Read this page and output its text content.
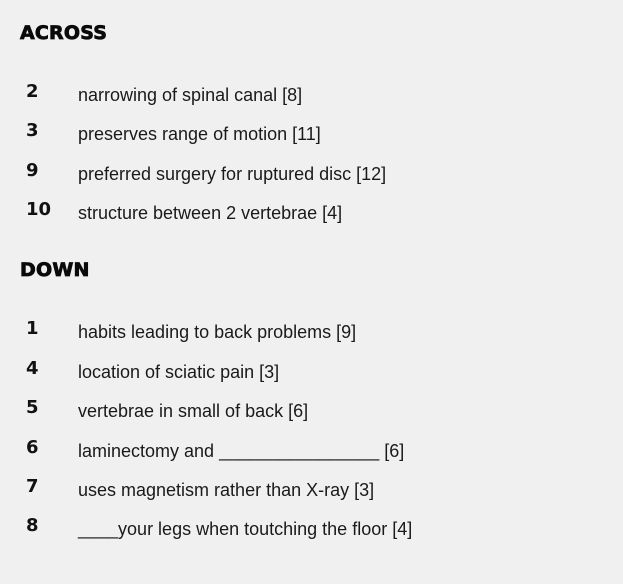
ACROSS
2 narrowing of spinal canal [8]
3 preserves range of motion [11]
9 preferred surgery for ruptured disc [12]
10 structure between 2 vertebrae [4]
DOWN
1 habits leading to back problems [9]
4 location of sciatic pain [3]
5 vertebrae in small of back [6]
6 laminectomy and ________________ [6]
7 uses magnetism rather than X-ray [3]
8 ____your legs when toutching the floor [4]
